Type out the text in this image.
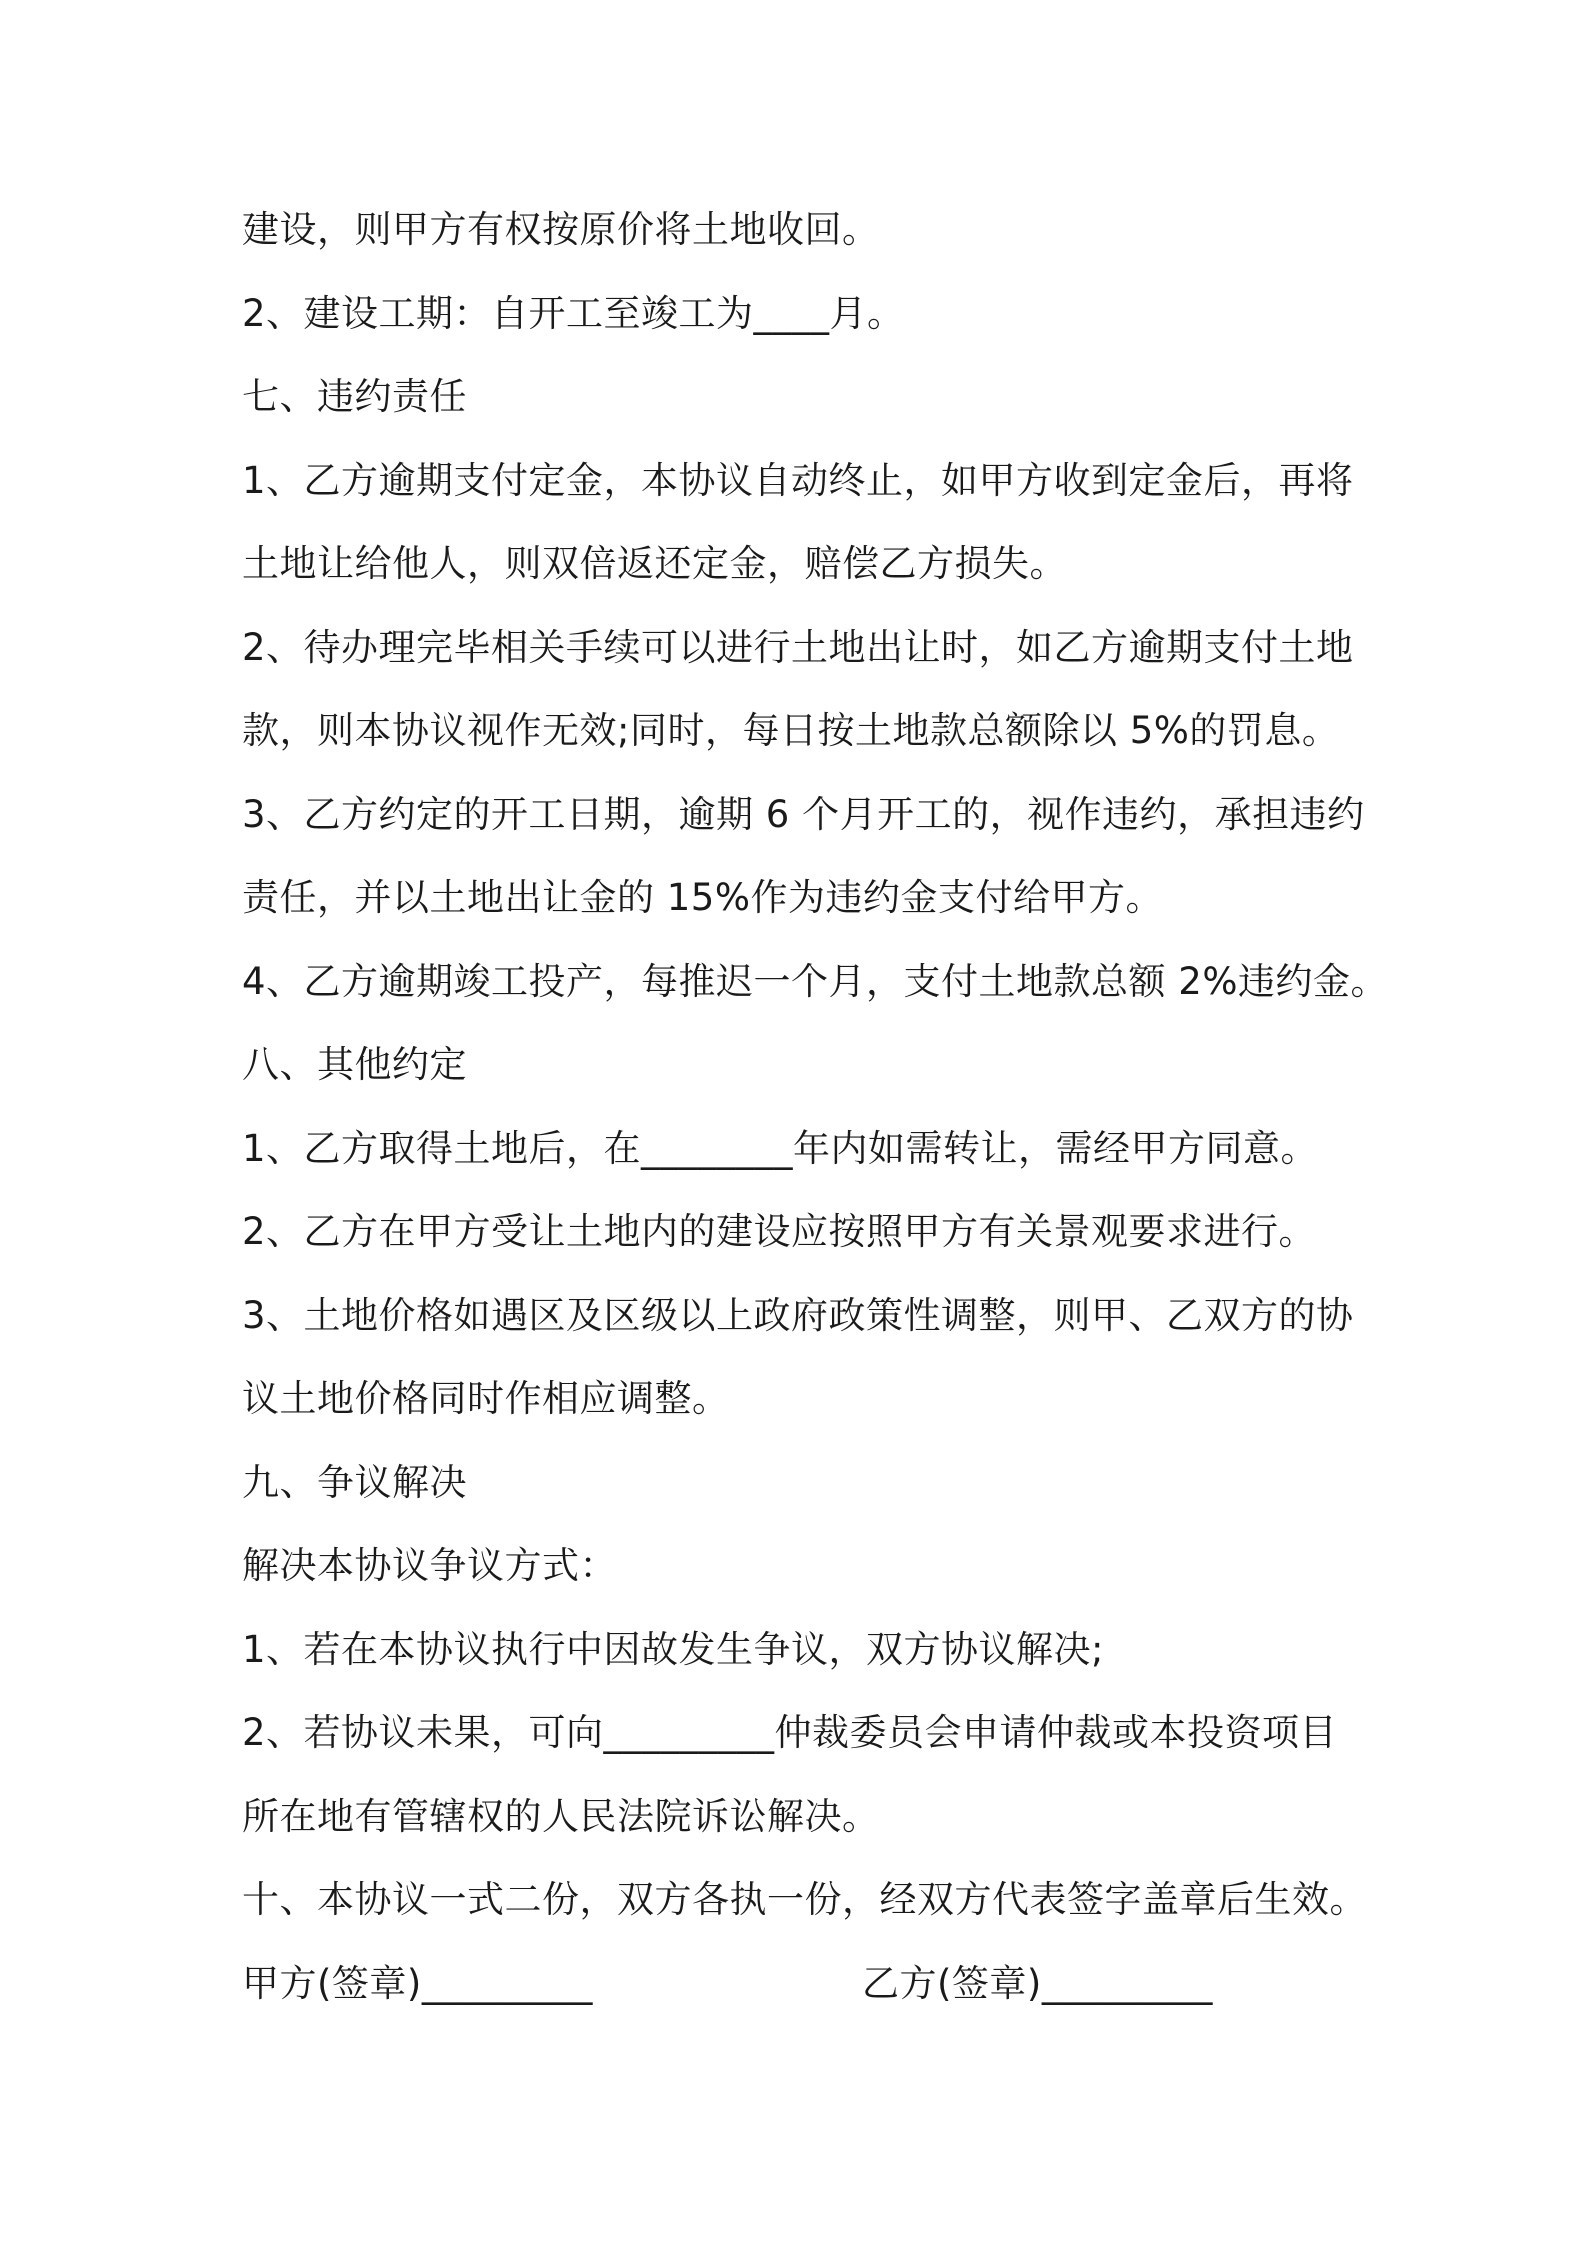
建设，则甲方有权按原价将土地收回。
2、建设工期：自开工至竣工为____月。
七、违约责任
1、乙方逾期支付定金，本协议自动终止，如甲方收到定金后，再将
土地让给他人，则双倍返还定金，赔偿乙方损失。
2、待办理完毕相关手续可以进行土地出让时，如乙方逾期支付土地
款，则本协议视作无效;同时，每日按土地款总额除以 5%的罚息。
3、乙方约定的开工日期，逾期 6 个月开工的，视作违约，承担违约
责任，并以土地出让金的 15%作为违约金支付给甲方。
4、乙方逾期竣工投产，每推迟一个月，支付土地款总额 2%违约金。
八、其他约定
1、乙方取得土地后，在________年内如需转让，需经甲方同意。
2、乙方在甲方受让土地内的建设应按照甲方有关景观要求进行。
3、土地价格如遇区及区级以上政府政策性调整，则甲、乙双方的协
议土地价格同时作相应调整。
九、争议解决
解决本协议争议方式：
1、若在本协议执行中因故发生争议，双方协议解决;
2、若协议未果，可向_________仲裁委员会申请仲裁或本投资项目
所在地有管辖权的人民法院诉讼解决。
十、本协议一式二份，双方各执一份，经双方代表签字盖章后生效。
甲方(签章)_________	乙方(签章)_________
